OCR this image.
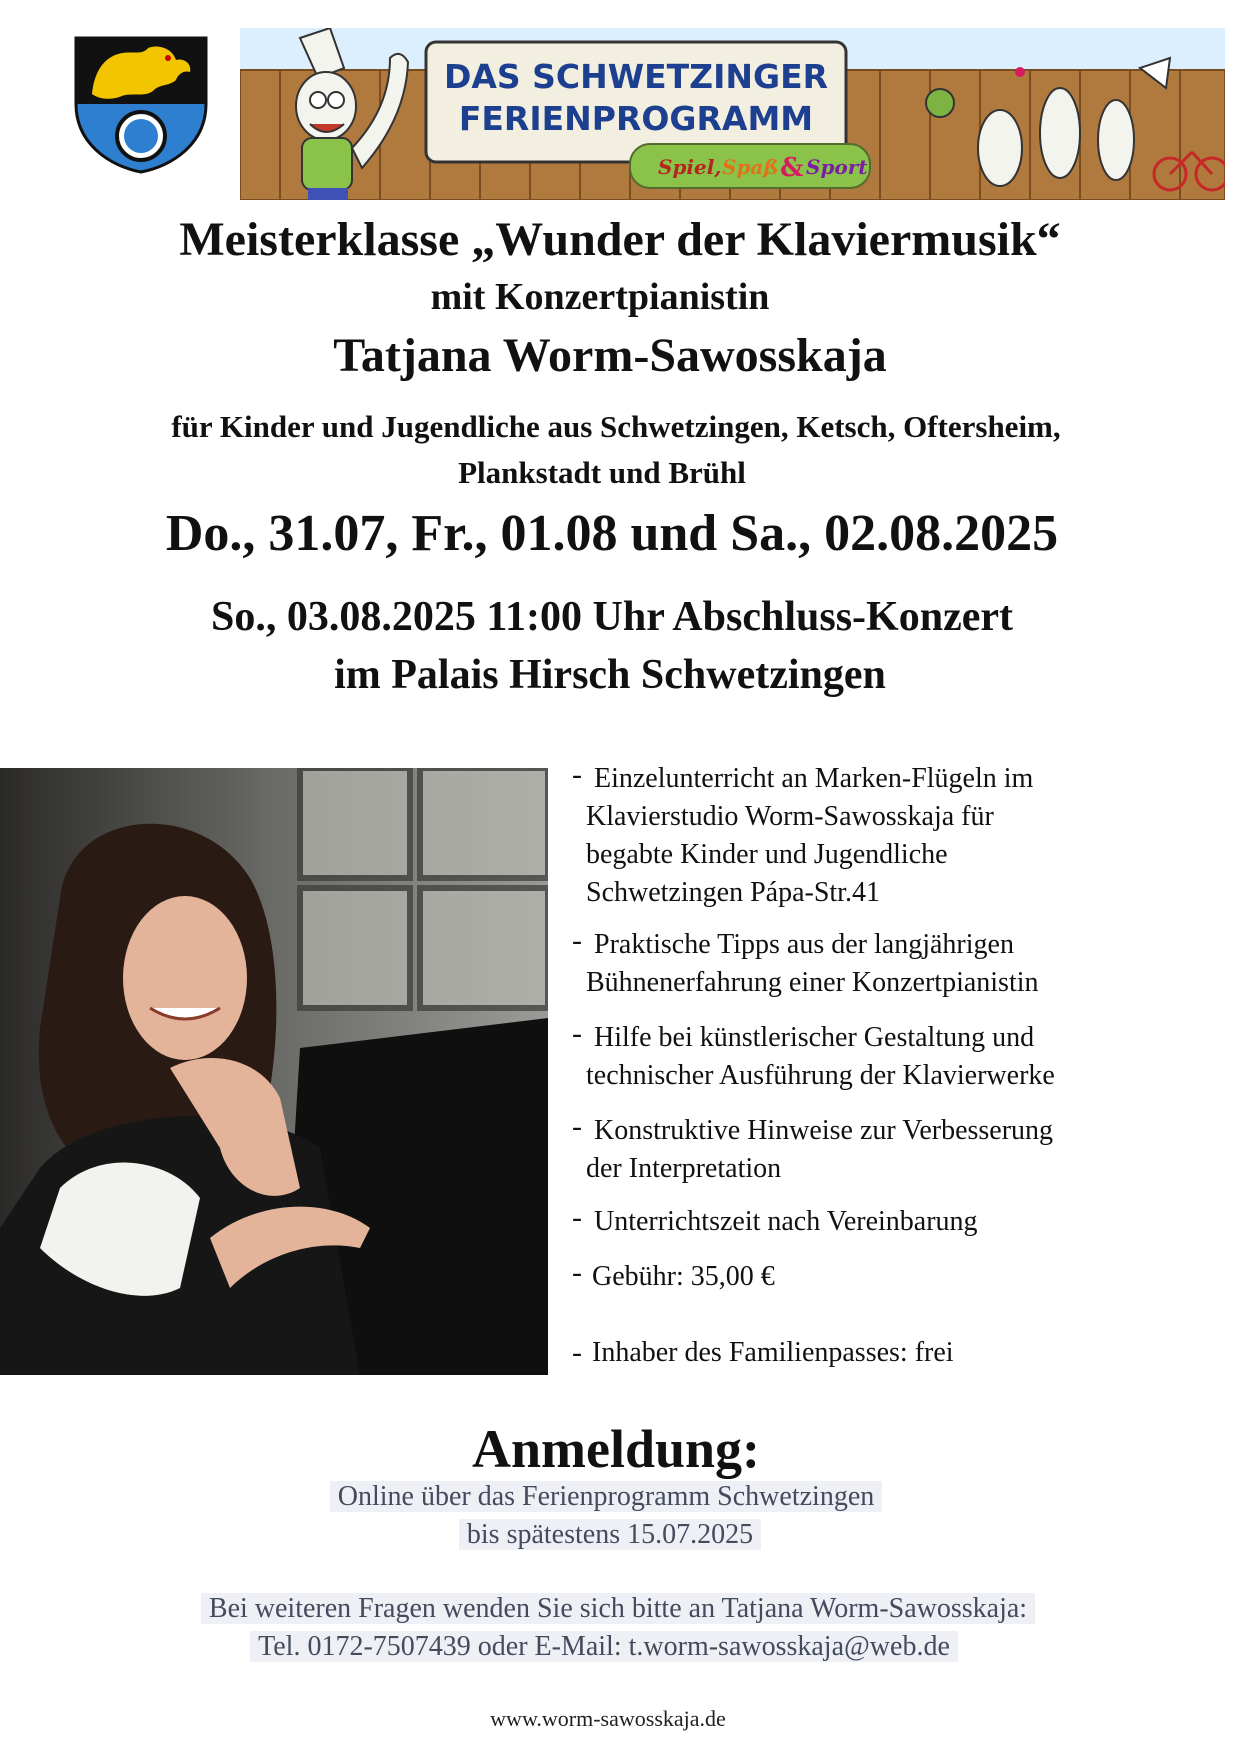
DAS SCHWETZINGER
FERIENPROGRAMM
Spiel, Spaß & Sport
Meisterklasse „Wunder der Klaviermusik“
mit Konzertpianistin
Tatjana Worm-Sawosskaja
für Kinder und Jugendliche aus Schwetzingen, Ketsch, Oftersheim,
Plankstadt und Brühl
Do., 31.07, Fr., 01.08 und Sa., 02.08.2025
So., 03.08.2025 11:00 Uhr Abschluss-Konzert
im Palais Hirsch Schwetzingen
- Einzelunterricht an Marken-Flügeln im
Klavierstudio Worm-Sawosskaja für
begabte Kinder und Jugendliche
Schwetzingen Pápa-Str.41
- Praktische Tipps aus der langjährigen
Bühnenerfahrung einer Konzertpianistin
- Hilfe bei künstlerischer Gestaltung und
technischer Ausführung der Klavierwerke
- Konstruktive Hinweise zur Verbesserung
der Interpretation
- Unterrichtszeit nach Vereinbarung
- Gebühr: 35,00 €
- Inhaber des Familienpasses: frei
Anmeldung:
Online über das Ferienprogramm Schwetzingen
bis spätestens 15.07.2025
Bei weiteren Fragen wenden Sie sich bitte an Tatjana Worm-Sawosskaja:
Tel. 0172-7507439 oder E-Mail: t.worm-sawosskaja@web.de
www.worm-sawosskaja.de
